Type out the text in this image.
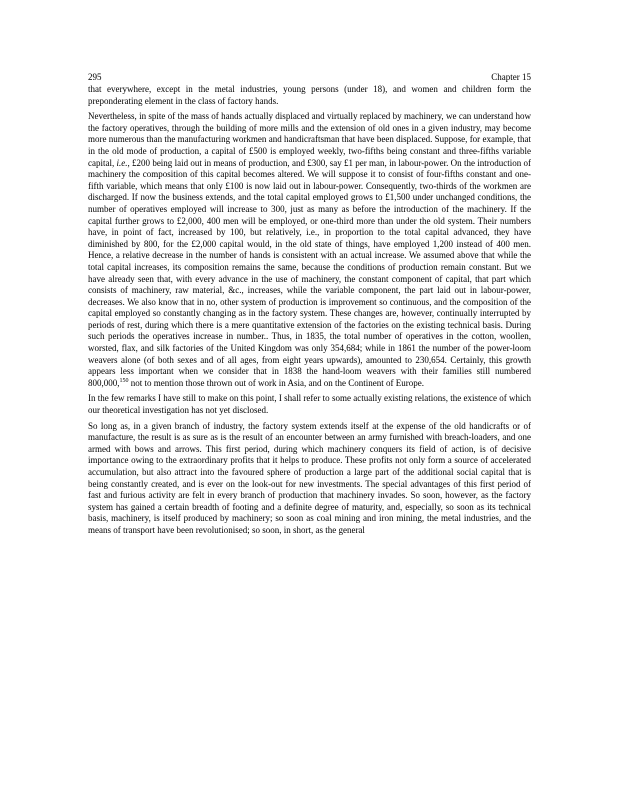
295	Chapter 15

that everywhere, except in the metal industries, young persons (under 18), and women and children form the preponderating element in the class of factory hands.

Nevertheless, in spite of the mass of hands actually displaced and virtually replaced by machinery, we can understand how the factory operatives, through the building of more mills and the extension of old ones in a given industry, may become more numerous than the manufacturing workmen and handicraftsman that have been displaced. Suppose, for example, that in the old mode of production, a capital of £500 is employed weekly, two-fifths being constant and three-fifths variable capital, i.e., £200 being laid out in means of production, and £300, say £1 per man, in labour-power. On the introduction of machinery the composition of this capital becomes altered. We will suppose it to consist of four-fifths constant and one-fifth variable, which means that only £100 is now laid out in labour-power. Consequently, two-thirds of the workmen are discharged. If now the business extends, and the total capital employed grows to £1,500 under unchanged conditions, the number of operatives employed will increase to 300, just as many as before the introduction of the machinery. If the capital further grows to £2,000, 400 men will be employed, or one-third more than under the old system. Their numbers have, in point of fact, increased by 100, but relatively, i.e., in proportion to the total capital advanced, they have diminished by 800, for the £2,000 capital would, in the old state of things, have employed 1,200 instead of 400 men. Hence, a relative decrease in the number of hands is consistent with an actual increase. We assumed above that while the total capital increases, its composition remains the same, because the conditions of production remain constant. But we have already seen that, with every advance in the use of machinery, the constant component of capital, that part which consists of machinery, raw material, &c., increases, while the variable component, the part laid out in labour-power, decreases. We also know that in no, other system of production is improvement so continuous, and the composition of the capital employed so constantly changing as in the factory system. These changes are, however, continually interrupted by periods of rest, during which there is a mere quantitative extension of the factories on the existing technical basis. During such periods the operatives increase in number.. Thus, in 1835, the total number of operatives in the cotton, woollen, worsted, flax, and silk factories of the United Kingdom was only 354,684; while in 1861 the number of the power-loom weavers alone (of both sexes and of all ages, from eight years upwards), amounted to 230,654. Certainly, this growth appears less important when we consider that in 1838 the hand-loom weavers with their families still numbered 800,000,$^{150}$ not to mention those thrown out of work in Asia, and on the Continent of Europe.

In the few remarks I have still to make on this point, I shall refer to some actually existing relations, the existence of which our theoretical investigation has not yet disclosed.

So long as, in a given branch of industry, the factory system extends itself at the expense of the old handicrafts or of manufacture, the result is as sure as is the result of an encounter between an army furnished with breach-loaders, and one armed with bows and arrows. This first period, during which machinery conquers its field of action, is of decisive importance owing to the extraordinary profits that it helps to produce. These profits not only form a source of accelerated accumulation, but also attract into the favoured sphere of production a large part of the additional social capital that is being constantly created, and is ever on the look-out for new investments. The special advantages of this first period of fast and furious activity are felt in every branch of production that machinery invades. So soon, however, as the factory system has gained a certain breadth of footing and a definite degree of maturity, and, especially, so soon as its technical basis, machinery, is itself produced by machinery; so soon as coal mining and iron mining, the metal industries, and the means of transport have been revolutionised; so soon, in short, as the general
